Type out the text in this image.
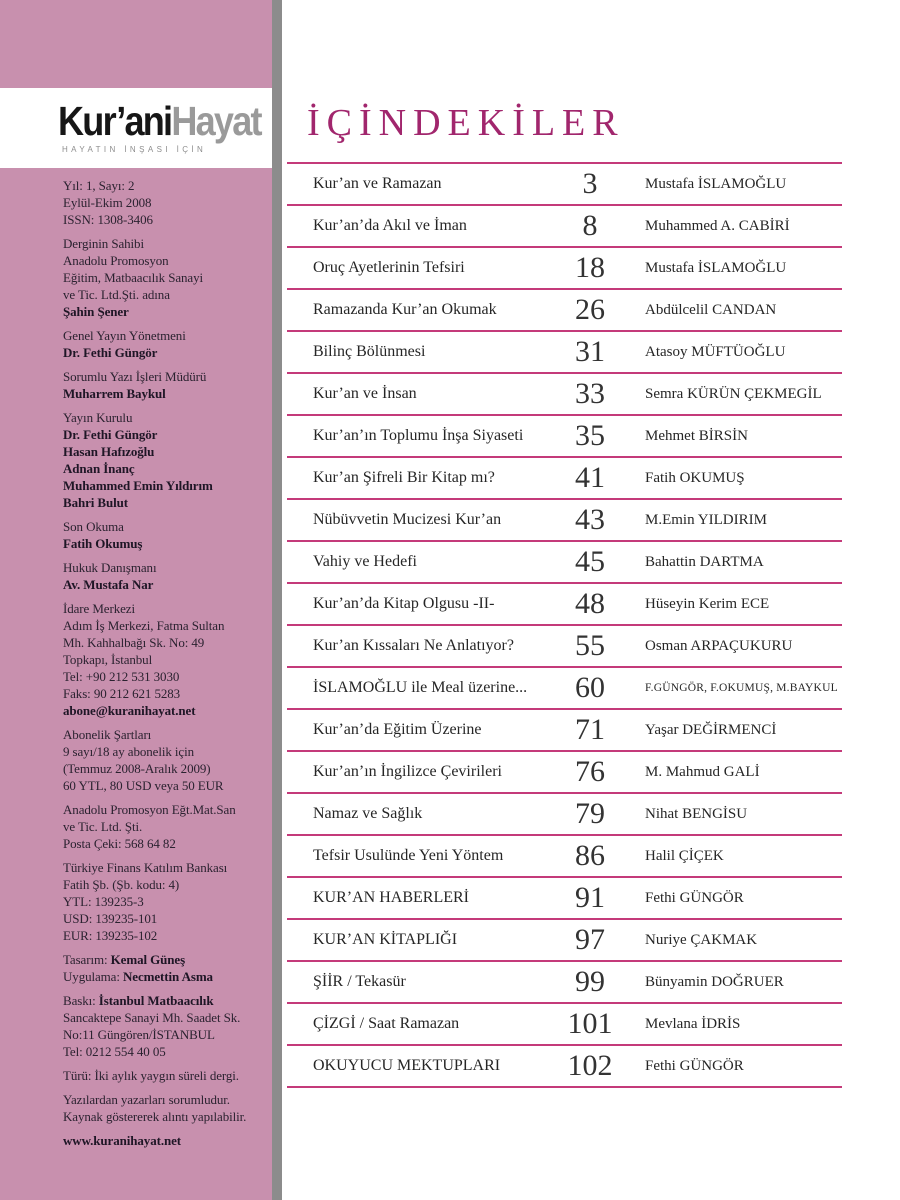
Kur’aniHayat
HAYATIN İNŞASI İÇİN
Yıl: 1, Sayı: 2
Eylül-Ekim 2008
ISSN: 1308-3406
Derginin Sahibi
Anadolu Promosyon
Eğitim, Matbaacılık Sanayi
ve Tic. Ltd.Şti. adına
Şahin Şener
Genel Yayın Yönetmeni
Dr. Fethi Güngör
Sorumlu Yazı İşleri Müdürü
Muharrem Baykul
Yayın Kurulu
Dr. Fethi Güngör
Hasan Hafızoğlu
Adnan İnanç
Muhammed Emin Yıldırım
Bahri Bulut
Son Okuma
Fatih Okumuş
Hukuk Danışmanı
Av. Mustafa Nar
İdare Merkezi
Adım İş Merkezi, Fatma Sultan
Mh. Kahhalbağı Sk. No: 49
Topkapı, İstanbul
Tel: +90 212 531 3030
Faks: 90 212 621 5283
abone@kuranihayat.net
Abonelik Şartları
9 sayı/18 ay abonelik için
(Temmuz 2008-Aralık 2009)
60 YTL, 80 USD veya 50 EUR
Anadolu Promosyon Eğt.Mat.San
ve Tic. Ltd. Şti.
Posta Çeki: 568 64 82
Türkiye Finans Katılım Bankası
Fatih Şb. (Şb. kodu: 4)
YTL: 139235-3
USD: 139235-101
EUR: 139235-102
Tasarım: Kemal Güneş
Uygulama: Necmettin Asma
Baskı: İstanbul Matbaacılık
Sancaktepe Sanayi Mh. Saadet Sk.
No:11 Güngören/İSTANBUL
Tel: 0212 554 40 05
Türü: İki aylık yaygın süreli dergi.
Yazılardan yazarları sorumludur.
Kaynak göstererek alıntı yapılabilir.
www.kuranihayat.net
İÇİNDEKİLER
Kur’an ve Ramazan	3	Mustafa İSLAMOĞLU
Kur’an’da Akıl ve İman	8	Muhammed A. CABİRİ
Oruç Ayetlerinin Tefsiri	18	Mustafa İSLAMOĞLU
Ramazanda Kur’an Okumak	26	Abdülcelil CANDAN
Bilinç Bölünmesi	31	Atasoy MÜFTÜOĞLU
Kur’an ve İnsan	33	Semra KÜRÜN ÇEKMEGİL
Kur’an’ın Toplumu İnşa Siyaseti	35	Mehmet BİRSİN
Kur’an Şifreli Bir Kitap mı?	41	Fatih OKUMUŞ
Nübüvvetin Mucizesi Kur’an	43	M.Emin YILDIRIM
Vahiy ve Hedefi	45	Bahattin DARTMA
Kur’an’da Kitap Olgusu -II-	48	Hüseyin Kerim ECE
Kur’an Kıssaları Ne Anlatıyor?	55	Osman ARPAÇUKURU
İSLAMOĞLU ile Meal üzerine...	60	F.GÜNGÖR, F.OKUMUŞ, M.BAYKUL
Kur’an’da Eğitim Üzerine	71	Yaşar DEĞİRMENCİ
Kur’an’ın İngilizce Çevirileri	76	M. Mahmud GALİ
Namaz ve Sağlık	79	Nihat BENGİSU
Tefsir Usulünde Yeni Yöntem	86	Halil ÇİÇEK
KUR’AN HABERLERİ	91	Fethi GÜNGÖR
KUR’AN KİTAPLIĞI	97	Nuriye ÇAKMAK
ŞİİR / Tekasür	99	Bünyamin DOĞRUER
ÇİZGİ / Saat Ramazan	101	Mevlana İDRİS
OKUYUCU MEKTUPLARI	102	Fethi GÜNGÖR
